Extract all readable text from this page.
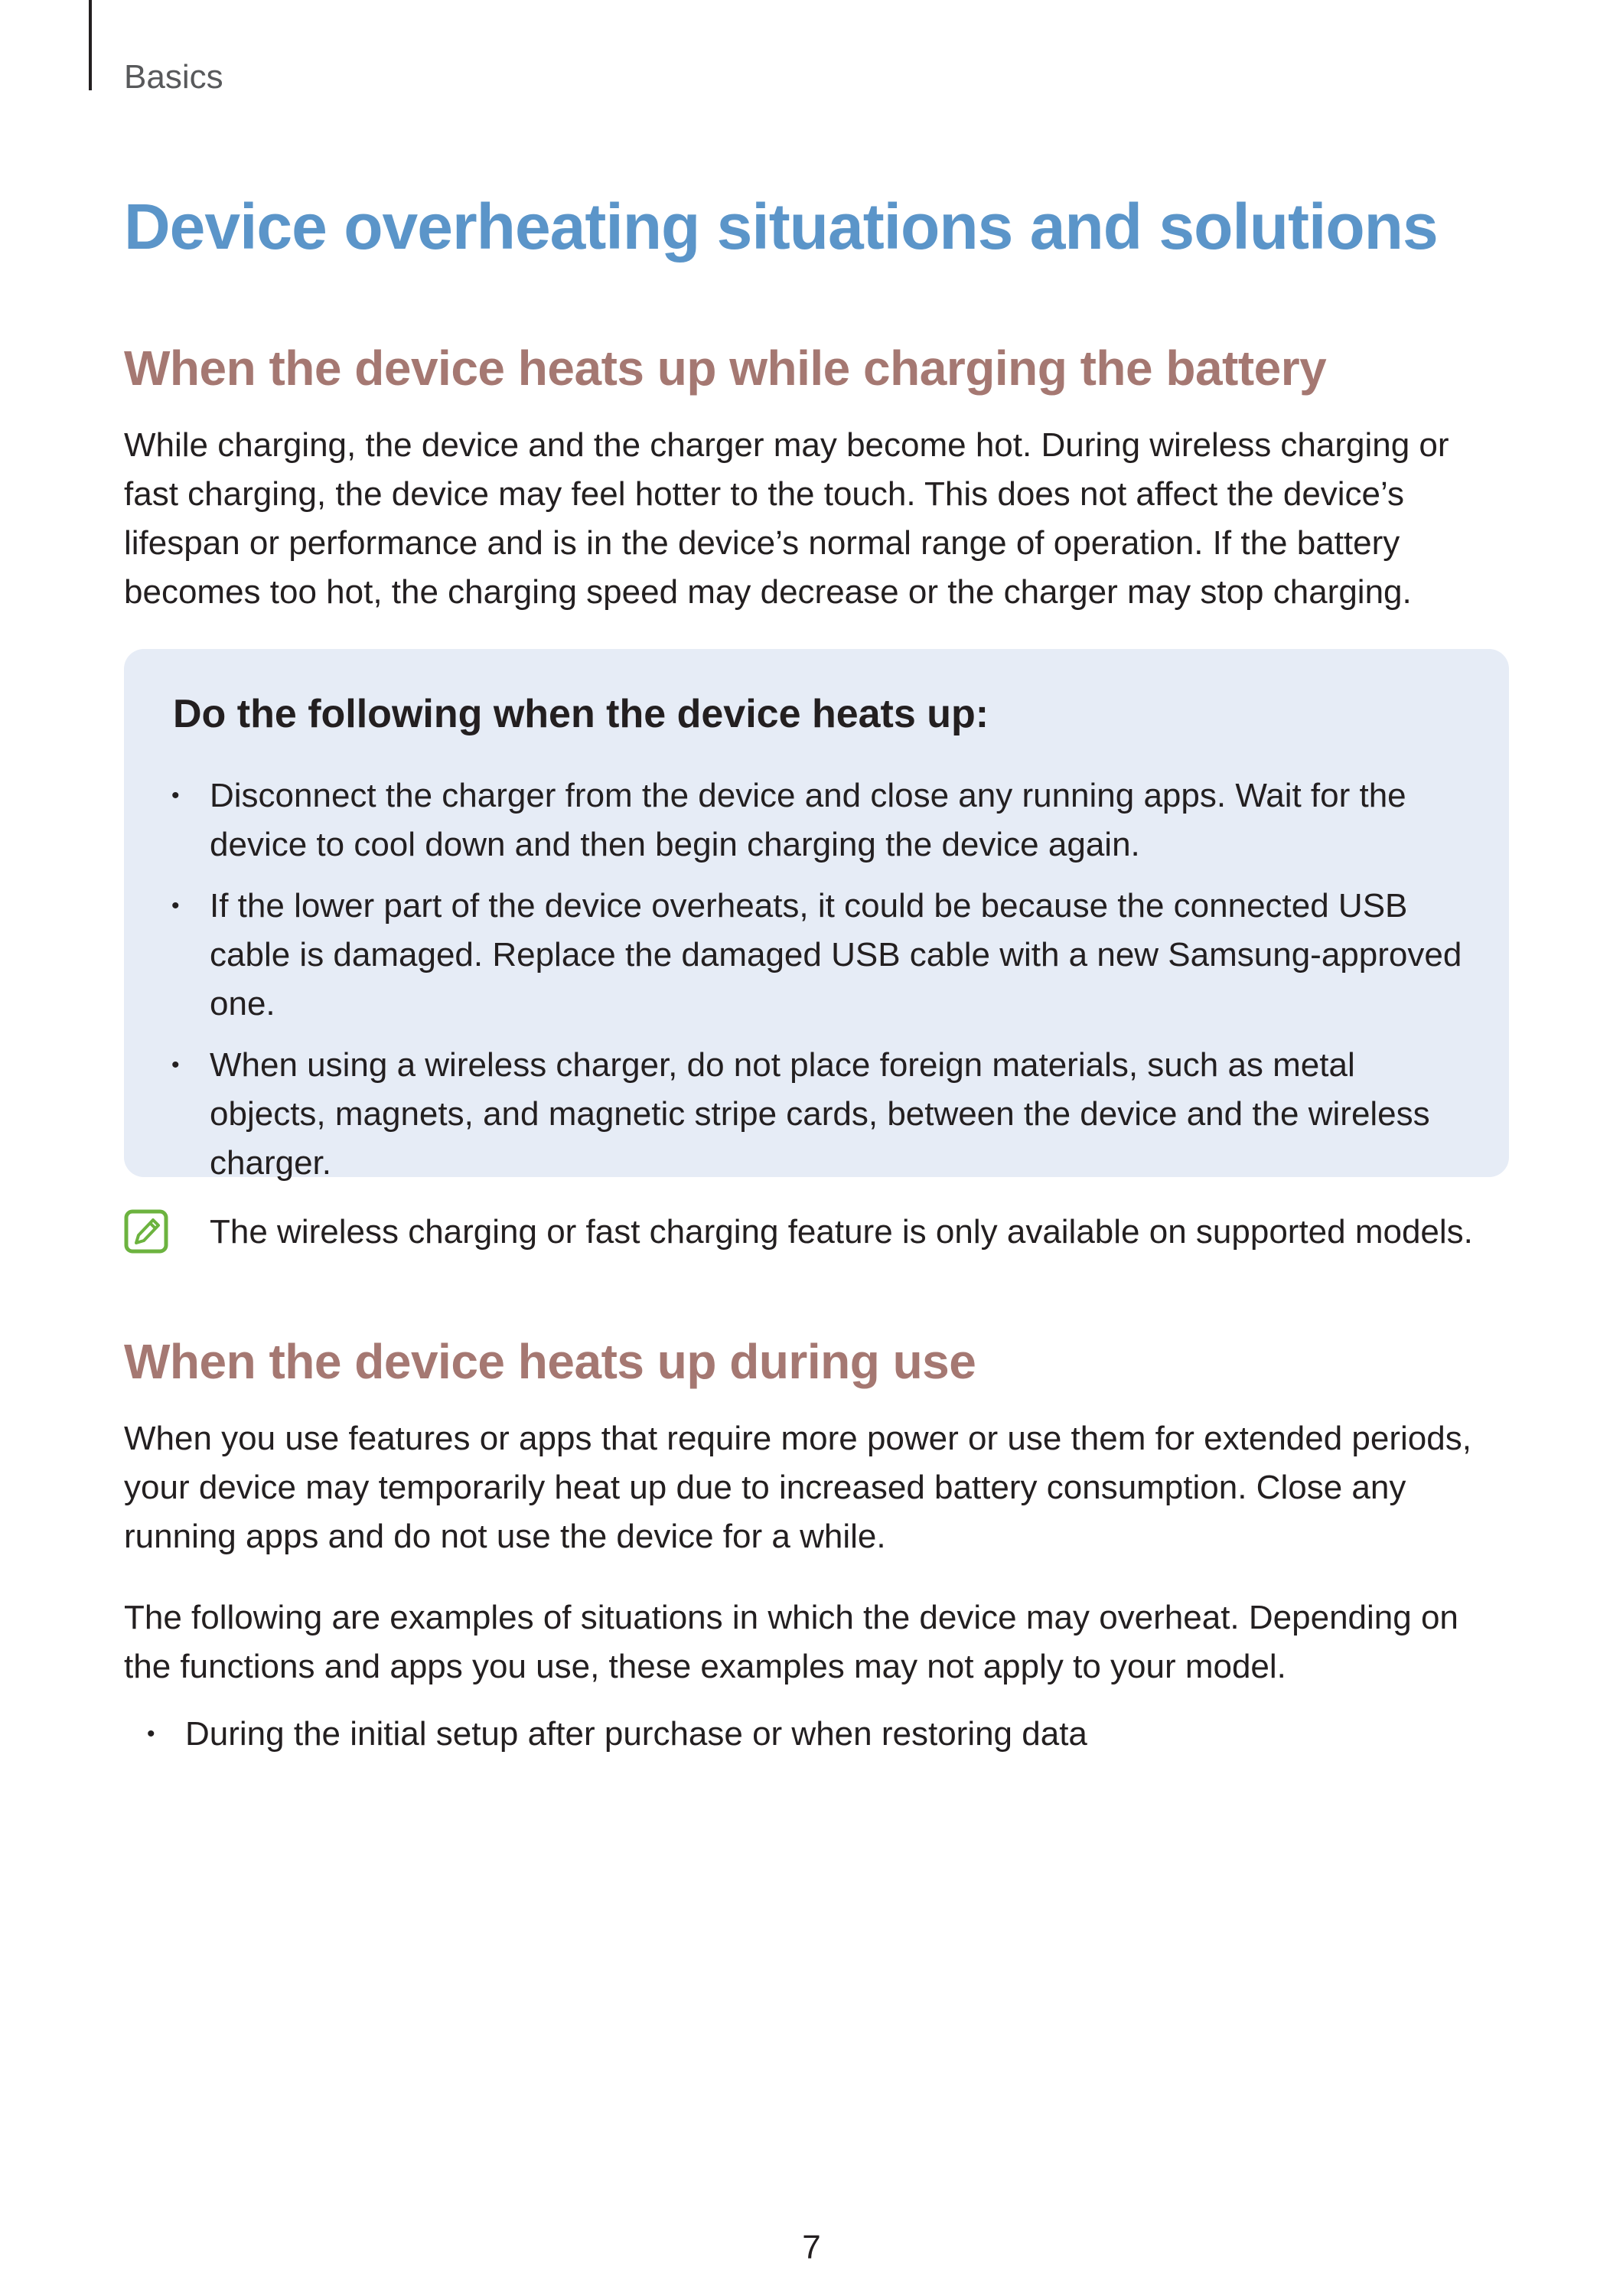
Basics
Device overheating situations and solutions
When the device heats up while charging the battery

While charging, the device and the charger may become hot. During wireless charging or fast charging, the device may feel hotter to the touch. This does not affect the device’s lifespan or performance and is in the device’s normal range of operation. If the battery becomes too hot, the charging speed may decrease or the charger may stop charging.

Do the following when the device heats up:
• Disconnect the charger from the device and close any running apps. Wait for the device to cool down and then begin charging the device again.
• If the lower part of the device overheats, it could be because the connected USB cable is damaged. Replace the damaged USB cable with a new Samsung-approved one.
• When using a wireless charger, do not place foreign materials, such as metal objects, magnets, and magnetic stripe cards, between the device and the wireless charger.

The wireless charging or fast charging feature is only available on supported models.

When the device heats up during use

When you use features or apps that require more power or use them for extended periods, your device may temporarily heat up due to increased battery consumption. Close any running apps and do not use the device for a while.

The following are examples of situations in which the device may overheat. Depending on the functions and apps you use, these examples may not apply to your model.

• During the initial setup after purchase or when restoring data
7
